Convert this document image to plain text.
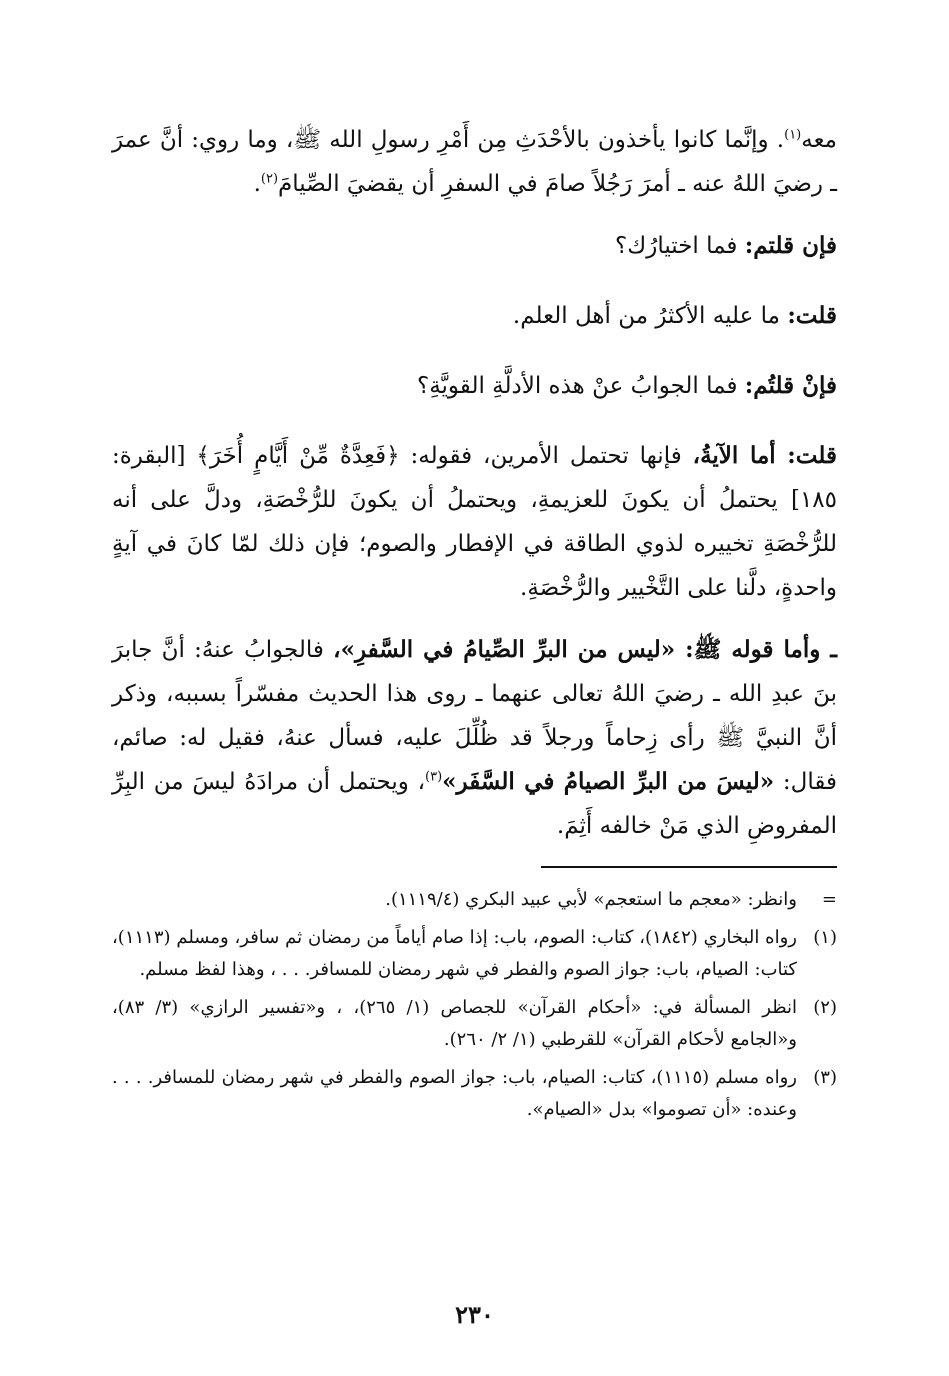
معه$^{(١)}$. وإنَّما كانوا يأخذون بالأحْدَثِ مِن أَمْرِ رسولِ الله ﷺ، وما روي: أنَّ عمرَ ـ رضيَ اللهُ عنه ـ أمرَ رَجُلاً صامَ في السفرِ أن يقضيَ الصِّيامَ$^{(٢)}$.

فإن قلتم: فما اختيارُك؟

قلت: ما عليه الأكثرُ من أهل العلم.

فإنْ قلتُم: فما الجوابُ عنْ هذه الأدلَّةِ القويَّةِ؟

قلت: أما الآيةُ، فإنها تحتمل الأمرين، فقوله: ﴿فَعِدَّةٌ مِّنْ أَيَّامٍ أُخَرَ﴾ [البقرة: ١٨٥] يحتملُ أن يكونَ للعزيمةِ، ويحتملُ أن يكونَ للرُّخْصَةِ، ودلَّ على أنه للرُّخْصَةِ تخييره لذوي الطاقة في الإفطار والصوم؛ فإن ذلك لمّا كانَ في آيةٍ واحدةٍ، دلَّنا على التَّخْيير والرُّخْصَةِ.

ـ وأما قوله ﷺ: «ليس من البرِّ الصِّيامُ في السَّفرِ»، فالجوابُ عنهُ: أنَّ جابرَ بنَ عبدِ الله ـ رضيَ اللهُ تعالى عنهما ـ روى هذا الحديث مفسّراً بسببه، وذكر أنَّ النبيَّ ﷺ رأى زِحاماً ورجلاً قد ظُلِّلَ عليه، فسأل عنهُ، فقيل له: صائم، فقال: «ليسَ من البرِّ الصيامُ في السَّفَر»$^{(٣)}$، ويحتمل أن مرادَهُ ليسَ من البِرِّ المفروضِ الذي مَنْ خالفه أَثِمَ.

=
وانظر: «معجم ما استعجم» لأبي عبيد البكري (١١١٩/٤).
(١)
رواه البخاري (١٨٤٢)، كتاب: الصوم، باب: إذا صام أياماً من رمضان ثم سافر، ومسلم (١١١٣)، كتاب: الصيام، باب: جواز الصوم والفطر في شهر رمضان للمسافر. . . ، وهذا لفظ مسلم.
(٢)
انظر المسألة في: «أحكام القرآن» للجصاص (١/ ٢٦٥)، ، و«تفسير الرازي» (٣/ ٨٣)، و«الجامع لأحكام القرآن» للقرطبي (١/ ٢/ ٢٦٠).
(٣)
رواه مسلم (١١١٥)، كتاب: الصيام، باب: جواز الصوم والفطر في شهر رمضان للمسافر. . . . وعنده: «أن تصوموا» بدل «الصيام».
٢٣٠
